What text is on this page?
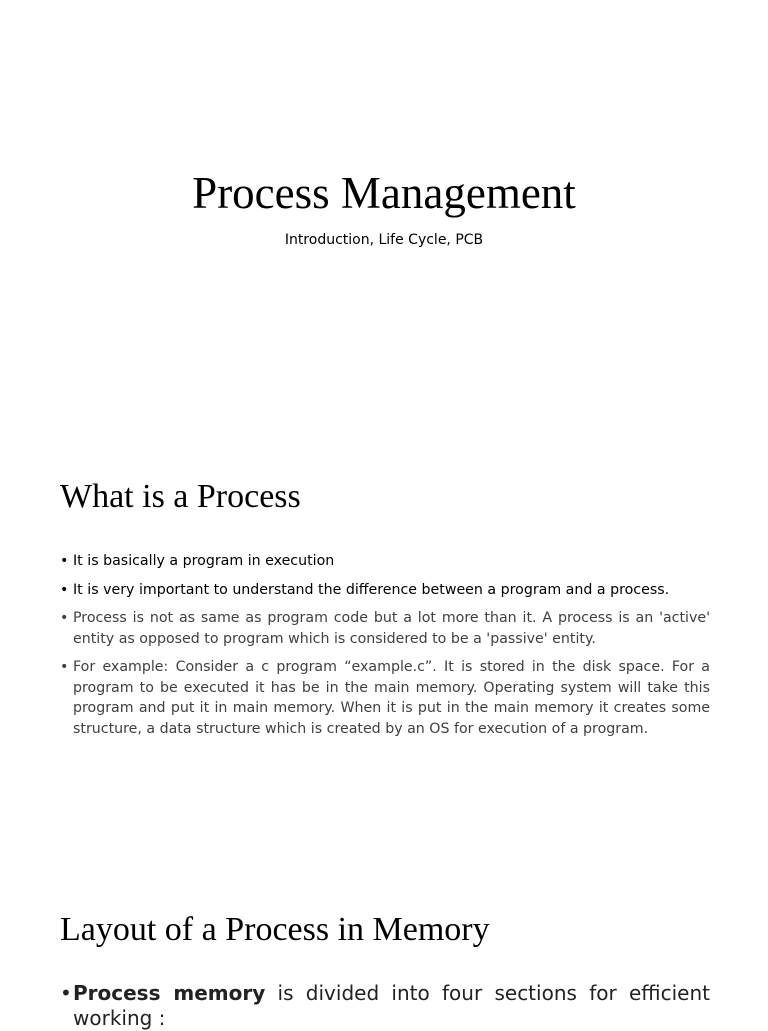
Process Management
Introduction, Life Cycle, PCB
What is a Process
• It is basically a program in execution
• It is very important to understand the difference between a program and a process.
• Process is not as same as program code but a lot more than it. A process is an 'active' entity as opposed to program which is considered to be a 'passive' entity.
• For example: Consider a c program “example.c”. It is stored in the disk space. For a program to be executed it has be in the main memory. Operating system will take this program and put it in main memory. When it is put in the main memory it creates some structure, a data structure which is created by an OS for execution of a program.
Layout of a Process in Memory
• Process memory is divided into four sections for efficient working :
